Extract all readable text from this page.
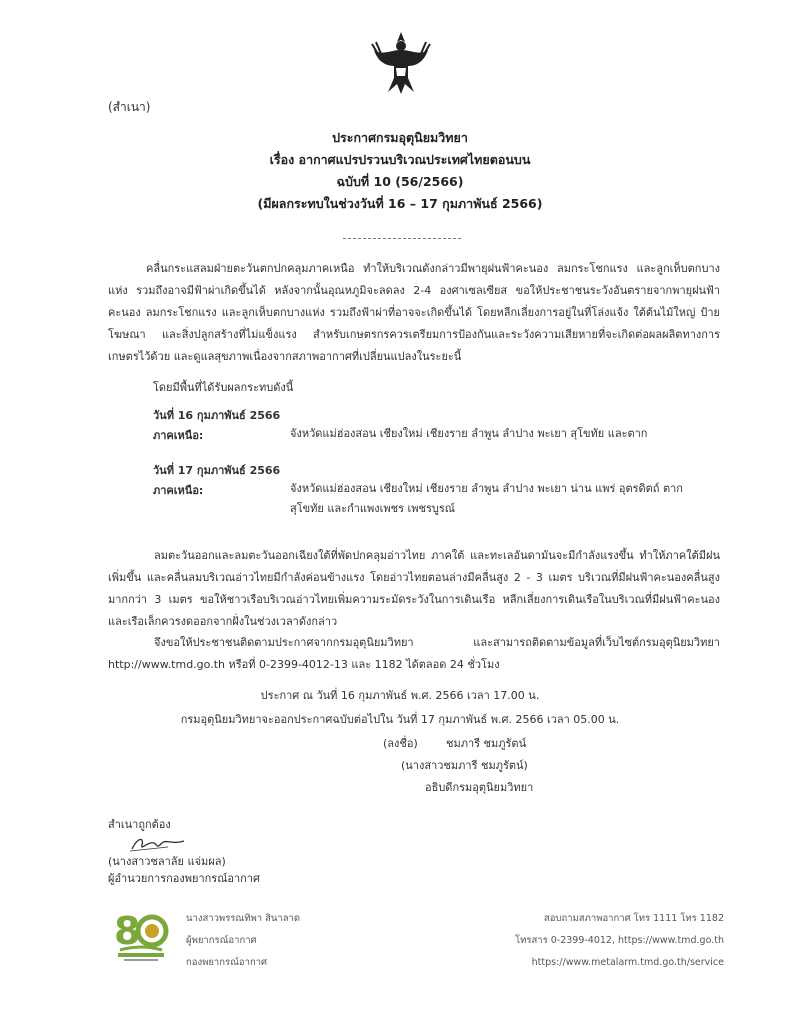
(สำเนา)
ประกาศกรมอุตุนิยมวิทยา
เรื่อง อากาศแปรปรวนบริเวณประเทศไทยตอนบน
ฉบับที่ 10 (56/2566)
(มีผลกระทบในช่วงวันที่ 16 – 17 กุมภาพันธ์ 2566)
คลื่นกระแสลมฝ่ายตะวันตกปกคลุมภาคเหนือ ทำให้บริเวณดังกล่าวมีพายุฝนฟ้าคะนอง ลมกระโชกแรง และลูกเห็บตกบางแห่ง รวมถึงอาจมีฟ้าผ่าเกิดขึ้นได้ หลังจากนั้นอุณหภูมิจะลดลง 2-4 องศาเซลเซียส ขอให้ประชาชนระวังอันตรายจากพายุฝนฟ้าคะนอง ลมกระโชกแรง และลูกเห็บตกบางแห่ง รวมถึงฟ้าผ่าที่อาจจะเกิดขึ้นได้ โดยหลีกเลี่ยงการอยู่ในที่โล่งแจ้ง ใต้ต้นไม้ใหญ่ ป้ายโฆษณา และสิ่งปลูกสร้างที่ไม่แข็งแรง สำหรับเกษตรกรควรเตรียมการป้องกันและระวังความเสียหายที่จะเกิดต่อผลผลิตทางการเกษตรไว้ด้วย และดูแลสุขภาพเนื่องจากสภาพอากาศที่เปลี่ยนแปลงในระยะนี้
โดยมีพื้นที่ได้รับผลกระทบดังนี้
วันที่ 16 กุมภาพันธ์ 2566
ภาคเหนือ:	จังหวัดแม่ฮ่องสอน เชียงใหม่ เชียงราย ลำพูน ลำปาง พะเยา สุโขทัย และตาก
วันที่ 17 กุมภาพันธ์ 2566
ภาคเหนือ:	จังหวัดแม่ฮ่องสอน เชียงใหม่ เชียงราย ลำพูน ลำปาง พะเยา น่าน แพร่ อุตรดิตถ์ ตาก
สุโขทัย และกำแพงเพชร เพชรบูรณ์
ลมตะวันออกและลมตะวันออกเฉียงใต้ที่พัดปกคลุมอ่าวไทย ภาคใต้ และทะเลอันดามันจะมีกำลังแรงขึ้น ทำให้ภาคใต้มีฝนเพิ่มขึ้น และคลื่นลมบริเวณอ่าวไทยมีกำลังค่อนข้างแรง โดยอ่าวไทยตอนล่างมีคลื่นสูง 2 - 3 เมตร บริเวณที่มีฝนฟ้าคะนองคลื่นสูงมากกว่า 3 เมตร ขอให้ชาวเรือบริเวณอ่าวไทยเพิ่มความระมัดระวังในการเดินเรือ หลีกเลี่ยงการเดินเรือในบริเวณที่มีฝนฟ้าคะนอง และเรือเล็กควรงดออกจากฝั่งในช่วงเวลาดังกล่าว
จึงขอให้ประชาชนติดตามประกาศจากกรมอุตุนิยมวิทยา และสามารถติดตามข้อมูลที่เว็บไซต์กรมอุตุนิยมวิทยา http://www.tmd.go.th หรือที่ 0-2399-4012-13 และ 1182 ได้ตลอด 24 ชั่วโมง
ประกาศ ณ วันที่ 16 กุมภาพันธ์ พ.ศ. 2566 เวลา 17.00 น.
กรมอุตุนิยมวิทยาจะออกประกาศฉบับต่อไปใน วันที่ 17 กุมภาพันธ์ พ.ศ. 2566 เวลา 05.00 น.
(ลงชื่อ)	ชมภารี ชมภูรัตน์
(นางสาวชมภารี ชมภูรัตน์)
อธิบดีกรมอุตุนิยมวิทยา
สำเนาถูกต้อง
(นางสาวชลาลัย แจ่มผล)
ผู้อำนวยการกองพยากรณ์อากาศ
8	นางสาวพรรณทิพา สินาลาด
ผู้พยากรณ์อากาศ
กองพยากรณ์อากาศ
สอบถามสภาพอากาศ โทร 1111 โทร 1182
โทรสาร 0-2399-4012, https://www.tmd.go.th
https://www.metalarm.tmd.go.th/service
